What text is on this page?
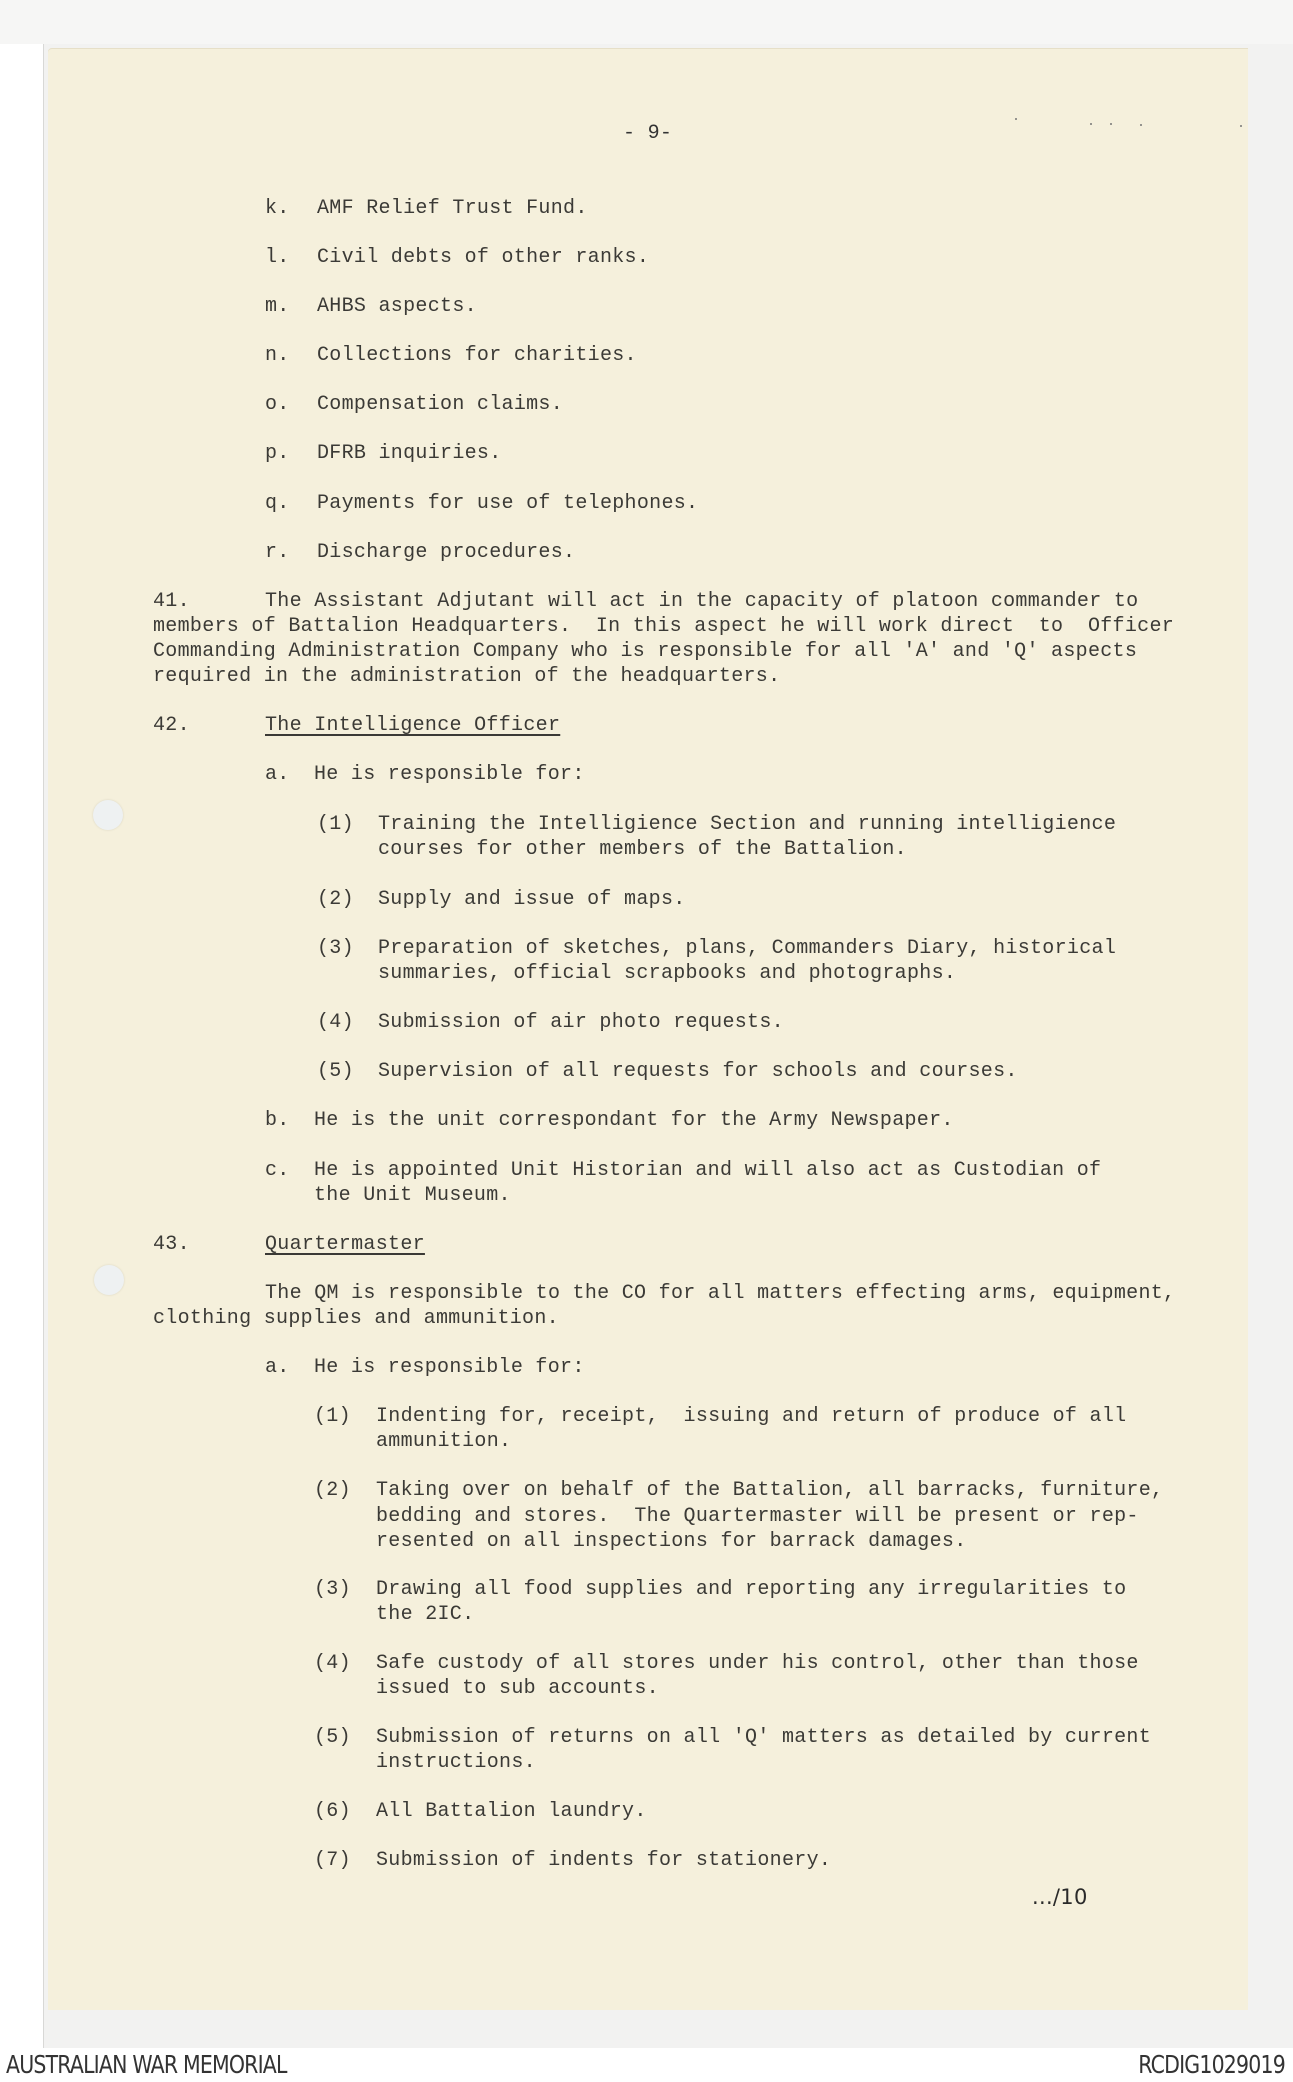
- 9-
k. AMF Relief Trust Fund.
l. Civil debts of other ranks.
m. AHBS aspects.
n. Collections for charities.
o. Compensation claims.
p. DFRB inquiries.
q. Payments for use of telephones.
r. Discharge procedures.
41.	The Assistant Adjutant will act in the capacity of platoon commander to
members of Battalion Headquarters.  In this aspect he will work direct  to  Officer
Commanding Administration Company who is responsible for all 'A' and 'Q' aspects
required in the administration of the headquarters.
42.	The Intelligence Officer
a. He is responsible for:
(1) Training the Intelligience Section and running intelligience
courses for other members of the Battalion.
(2) Supply and issue of maps.
(3) Preparation of sketches, plans, Commanders Diary, historical
summaries, official scrapbooks and photographs.
(4) Submission of air photo requests.
(5) Supervision of all requests for schools and courses.
b. He is the unit correspondant for the Army Newspaper.
c. He is appointed Unit Historian and will also act as Custodian of
the Unit Museum.
43.	Quartermaster
The QM is responsible to the CO for all matters effecting arms, equipment,
clothing supplies and ammunition.
a. He is responsible for:
(1) Indenting for, receipt,  issuing and return of produce of all
ammunition.
(2) Taking over on behalf of the Battalion, all barracks, furniture,
bedding and stores.  The Quartermaster will be present or rep-
resented on all inspections for barrack damages.
(3) Drawing all food supplies and reporting any irregularities to
the 2IC.
(4) Safe custody of all stores under his control, other than those
issued to sub accounts.
(5) Submission of returns on all 'Q' matters as detailed by current
instructions.
(6) All Battalion laundry.
(7) Submission of indents for stationery.
.../10
AUSTRALIAN WAR MEMORIAL	RCDIG1029019
